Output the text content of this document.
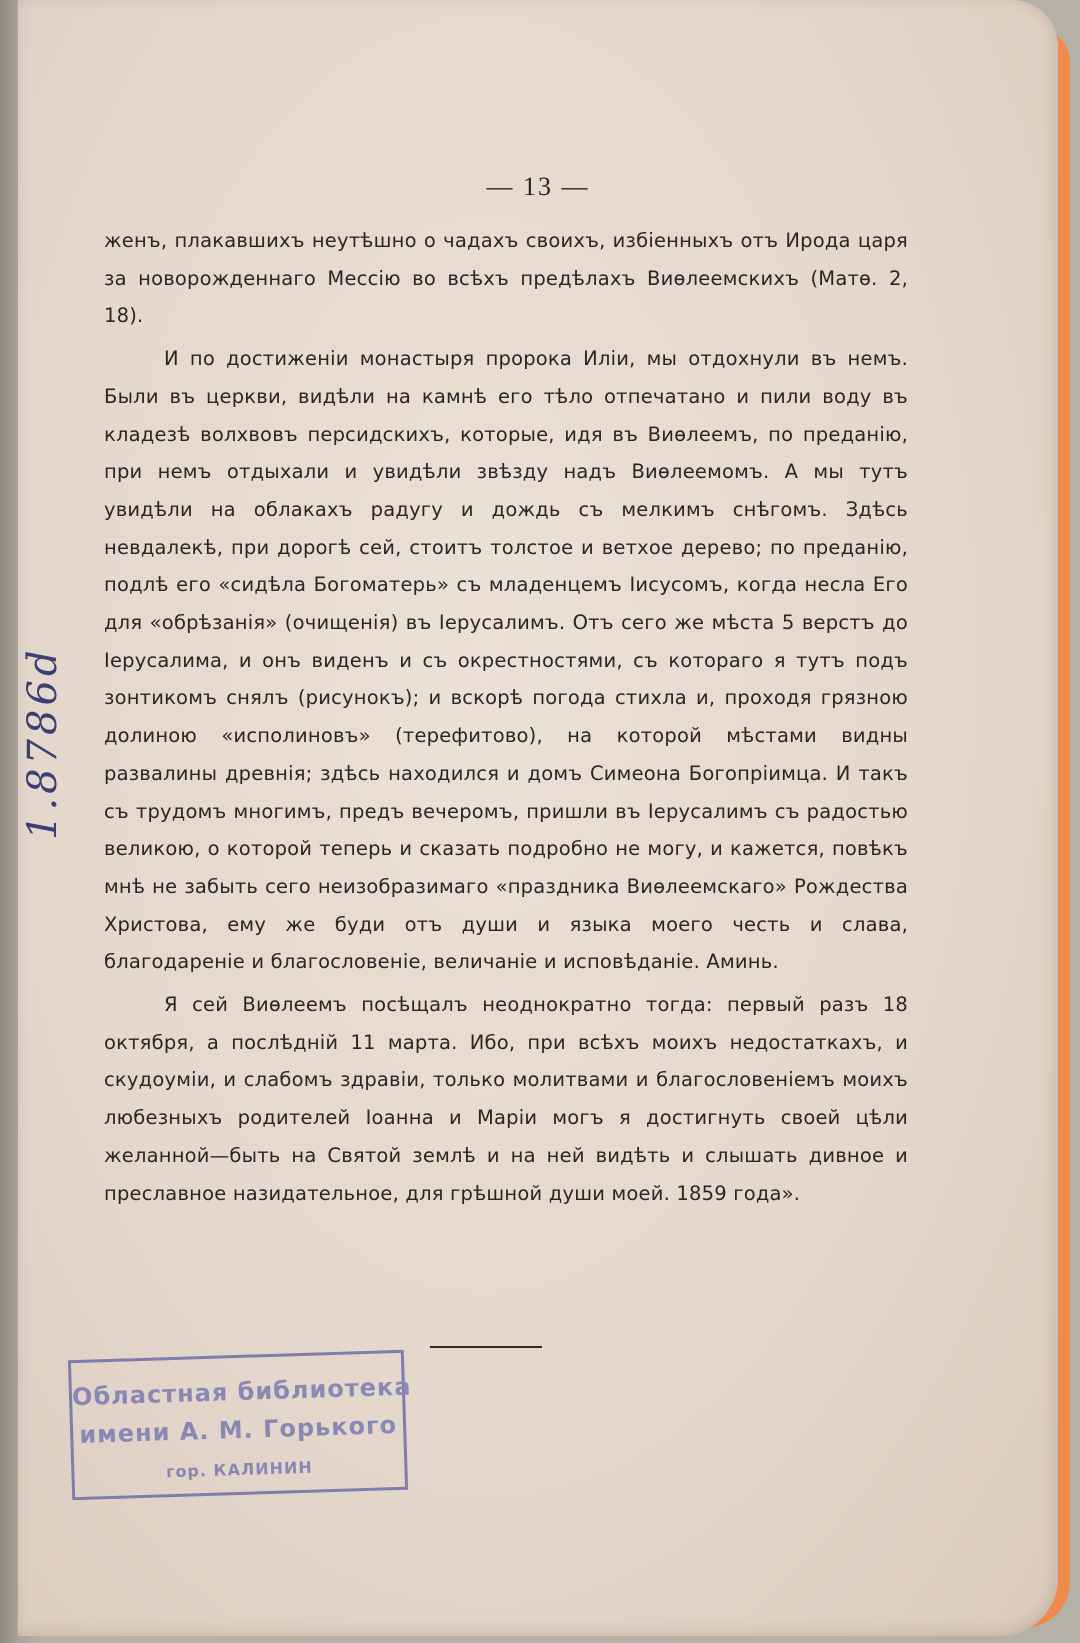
— 13 —

женъ, плакавшихъ неутѣшно о чадахъ своихъ, избіенныхъ отъ Ирода царя за новорожденнаго Мессію во всѣхъ предѣлахъ Виѳлеемскихъ (Матѳ. 2, 18).

И по достиженіи монастыря пророка Иліи, мы отдохнули въ немъ. Были въ церкви, видѣли на камнѣ его тѣло отпечатано и пили воду въ кладезѣ волхвовъ персидскихъ, которые, идя въ Виѳлеемъ, по преданію, при немъ отдыхали и увидѣли звѣзду надъ Виѳлеемомъ. А мы тутъ увидѣли на облакахъ радугу и дождь съ мелкимъ снѣгомъ. Здѣсь невдалекѣ, при дорогѣ сей, стоитъ толстое и ветхое дерево; по преданію, подлѣ его «сидѣла Богоматерь» съ младенцемъ Іисусомъ, когда несла Его для «обрѣзанія» (очищенія) въ Іерусалимъ. Отъ сего же мѣста 5 верстъ до Іерусалима, и онъ виденъ и съ окрестностями, съ котораго я тутъ подъ зонтикомъ снялъ (рисунокъ); и вскорѣ погода стихла и, проходя грязною долиною «исполиновъ» (терефитово), на которой мѣстами видны развалины древнія; здѣсь находился и домъ Симеона Богопріимца. И такъ съ трудомъ многимъ, предъ вечеромъ, пришли въ Іерусалимъ съ радостью великою, о которой теперь и сказать подробно не могу, и кажется, повѣкъ мнѣ не забыть сего неизобразимаго «праздника Виѳлеемскаго» Рождества Христова, ему же буди отъ души и языка моего честь и слава, благодареніе и благословеніе, величаніе и исповѣданіе. Аминь.

Я сей Виѳлеемъ посѣщалъ неоднократно тогда: первый разъ 18 октября, а послѣдній 11 марта. Ибо, при всѣхъ моихъ недостаткахъ, и скудоуміи, и слабомъ здравіи, только молитвами и благословеніемъ моихъ любезныхъ родителей Іоанна и Маріи могъ я достигнуть своей цѣли желанной—быть на Святой землѣ и на ней видѣть и слышать дивное и преславное назидательное, для грѣшной души моей. 1859 года».

1.8786d
Областная библиотека
имени А. М. Горького
гор. КАЛИНИН
